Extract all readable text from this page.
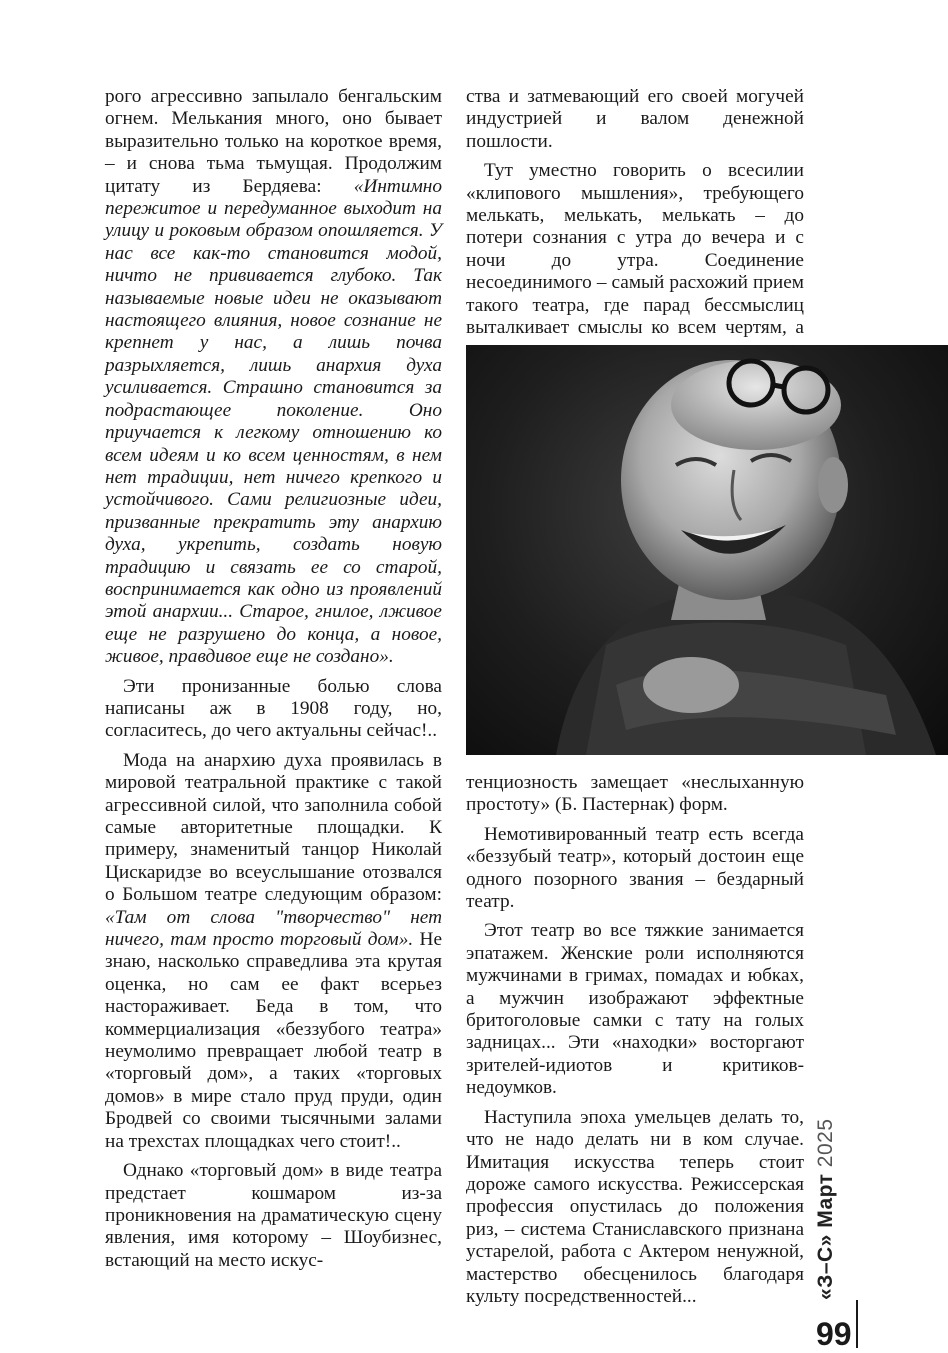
рого агрессивно запылало бенгальским огнем. Мелькания много, оно бывает выразительно только на короткое время, – и снова тьма тьмущая. Продолжим цитату из Бердяева: «Интимно пережитое и передуманное выходит на улицу и роковым образом опошляется. У нас все как-то становится модой, ничто не прививается глубоко. Так называемые новые идеи не оказывают настоящего влияния, новое сознание не крепнет у нас, а лишь почва разрыхляется, лишь анархия духа усиливается. Страшно становится за подрастающее поколение. Оно приучается к легкому отношению ко всем идеям и ко всем ценностям, в нем нет традиции, нет ничего крепкого и устойчивого. Сами религиозные идеи, призванные прекратить эту анархию духа, укрепить, создать новую традицию и связать ее со старой, воспринимается как одно из проявлений этой анархии... Старое, гнилое, лживое еще не разрушено до конца, а новое, живое, правдивое еще не создано».

Эти пронизанные болью слова написаны аж в 1908 году, но, согласитесь, до чего актуальны сейчас!..

Мода на анархию духа проявилась в мировой театральной практике с такой агрессивной силой, что заполнила собой самые авторитетные площадки. К примеру, знаменитый танцор Николай Цискаридзе во всеуслышание отозвался о Большом театре следующим образом: «Там от слова "творчество" нет ничего, там просто торговый дом». Не знаю, насколько справедлива эта крутая оценка, но сам ее факт всерьез настораживает. Беда в том, что коммерциализация «беззубого театра» неумолимо превращает любой театр в «торговый дом», а таких «торговых домов» в мире стало пруд пруди, один Бродвей со своими тысячными залами на трехстах площадках чего стоит!..

Однако «торговый дом» в виде театра предстает кошмаром из-за проникновения на драматическую сцену явления, имя которому – Шоубизнес, встающий на место искус-

ства и затмевающий его своей могучей индустрией и валом денежной пошлости.

Тут уместно говорить о всесилии «клипового мышления», требующего мелькать, мелькать, мелькать – до потери сознания с утра до вечера и с ночи до утра. Соединение несоединимого – самый расхожий прием такого театра, где парад бессмыслиц выталкивает смыслы ко всем чертям, а

тенциозность замещает «неслыханную простоту» (Б. Пастернак) форм.

Немотивированный театр есть всегда «беззубый театр», который достоин еще одного позорного звания – бездарный театр.

Этот театр во все тяжкие занимается эпатажем. Женские роли исполняются мужчинами в гримах, помадах и юбках, а мужчин изображают эффектные бритоголовые самки с тату на голых задницах... Эти «находки» восторгают зрителей-идиотов и критиков-недоумков.

Наступила эпоха умельцев делать то, что не надо делать ни в ком случае. Имитация искусства теперь стоит дороже самого искусства. Режиссерская профессия опустилась до положения риз, – система Станиславского признана устарелой, работа с Актером ненужной, мастерство обесценилось благодаря культу посредственностей...	«З–С» Март 2025
99
